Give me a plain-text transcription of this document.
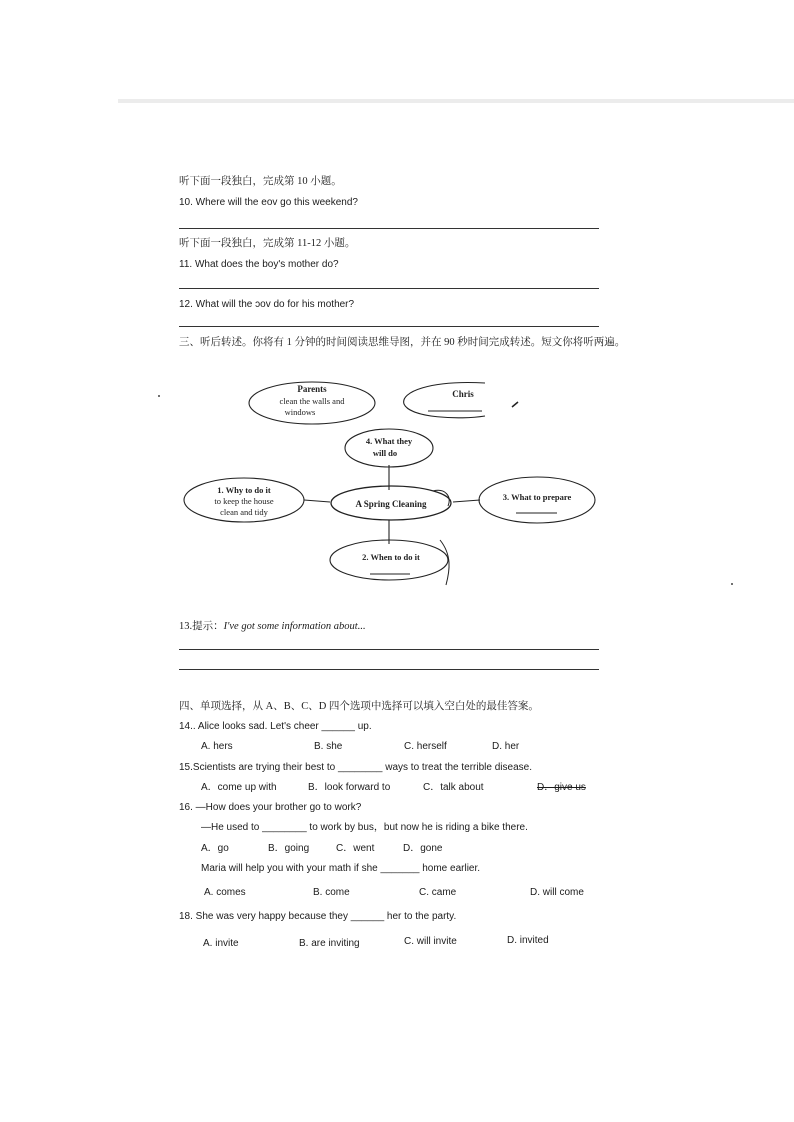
听下面一段独白，完成第 10 小题。
10. Where will the eov go this weekend?
听下面一段独白，完成第 11-12 小题。
11. What does the boy's mother do?
12. What will the ɔov do for his mother?
三、听后转述。你将有 1 分钟的时间阅读思维导图，并在 90 秒时间完成转述。短文你将听两遍。
Parents
clean the walls and
windows
Chris
4. What they
will do
1. Why to do it
to keep the house
clean and tidy
A Spring Cleaning
3. What to prepare
2. When to do it
13.提示：I've got some information about...
四、单项选择，从 A、B、C、D 四个选项中选择可以填入空白处的最佳答案。
14.. Alice looks sad. Let's cheer ______ up.
A. hers	B. she	C. herself	D. her
15.Scientists are trying their best to ________ ways to treat the terrible disease.
A．come up with	B．look forward to	C．talk about	D．give us
16. —How does your brother go to work?
—He used to ________ to work by bus，but now he is riding a bike there.
A．go	B．going	C．went	D．gone
Maria will help you with your math if she _______ home earlier.
A. comes	B. come	C. came	D. will come
18. She was very happy because they ______ her to the party.
A. invite	B. are inviting	C. will invite	D. invited
